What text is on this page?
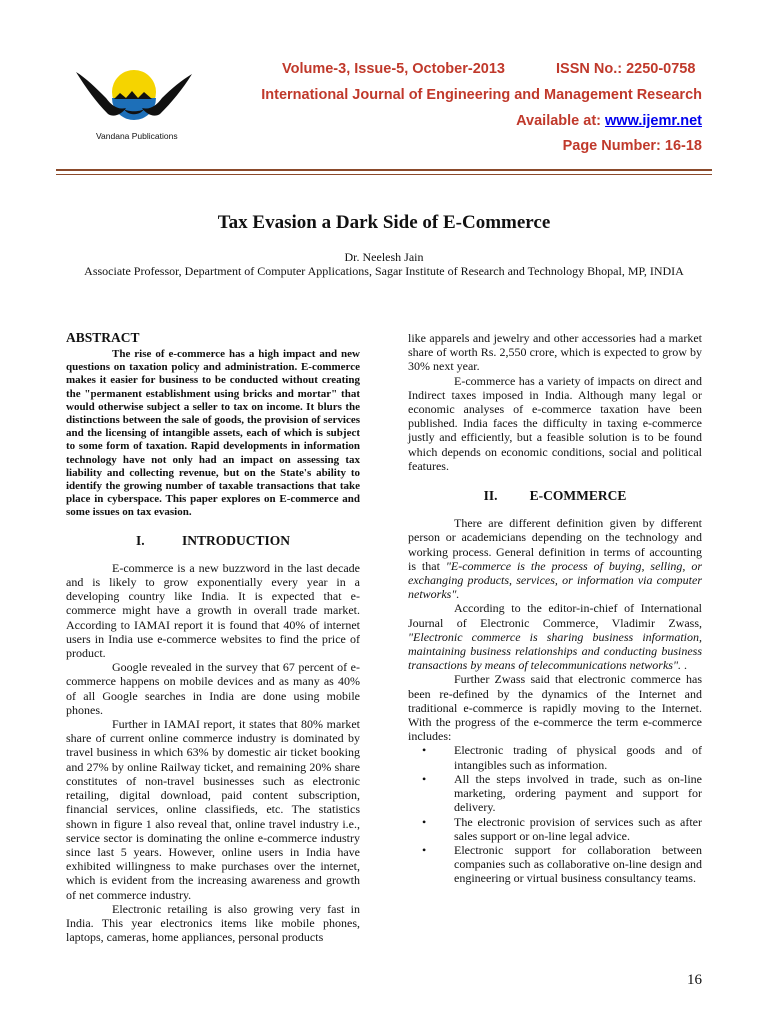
Vandana Publications
Volume-3, Issue-5, October-2013	ISSN No.: 2250-0758
International Journal of Engineering and Management Research
Available at: www.ijemr.net
Page Number: 16-18
Tax Evasion a Dark Side of E-Commerce
Dr. Neelesh Jain
Associate Professor, Department of Computer Applications, Sagar Institute of Research and Technology Bhopal, MP, INDIA
ABSTRACT

The rise of e-commerce has a high impact and new questions on taxation policy and administration. E-commerce makes it easier for business to be conducted without creating the "permanent establishment using bricks and mortar" that would otherwise subject a seller to tax on income. It blurs the distinctions between the sale of goods, the provision of services and the licensing of intangible assets, each of which is subject to some form of taxation. Rapid developments in information technology have not only had an impact on assessing tax liability and collecting revenue, but on the State's ability to identify the growing number of taxable transactions that take place in cyberspace. This paper explores on E-commerce and some issues on tax evasion.

I.	INTRODUCTION

E-commerce is a new buzzword in the last decade and is likely to grow exponentially every year in a developing country like India. It is expected that e-commerce might have a growth in overall trade market. According to IAMAI report it is found that 40% of internet users in India use e-commerce websites to find the price of product.

Google revealed in the survey that 67 percent of e-commerce happens on mobile devices and as many as 40% of all Google searches in India are done using mobile phones.

Further in IAMAI report, it states that 80% market share of current online commerce industry is dominated by travel business in which 63% by domestic air ticket booking and 27% by online Railway ticket, and remaining 20% share constitutes of non-travel businesses such as electronic retailing, digital download, paid content subscription, financial services, online classifieds, etc. The statistics shown in figure 1 also reveal that, online travel industry i.e., service sector is dominating the online e-commerce industry since last 5 years. However, online users in India have exhibited willingness to make purchases over the internet, which is evident from the increasing awareness and growth of net commerce industry.

Electronic retailing is also growing very fast in India. This year electronics items like mobile phones, laptops, cameras, home appliances, personal products

like apparels and jewelry and other accessories had a market share of worth Rs. 2,550 crore, which is expected to grow by 30% next year.

E-commerce has a variety of impacts on direct and Indirect taxes imposed in India. Although many legal or economic analyses of e-commerce taxation have been published. India faces the difficulty in taxing e-commerce justly and efficiently, but a feasible solution is to be found which depends on economic conditions, social and political features.

II. E-COMMERCE

There are different definition given by different person or academicians depending on the technology and working process. General definition in terms of accounting is that "E-commerce is the process of buying, selling, or exchanging products, services, or information via computer networks".

According to the editor-in-chief of International Journal of Electronic Commerce, Vladimir Zwass, "Electronic commerce is sharing business information, maintaining business relationships and conducting business transactions by means of telecommunications networks". .

Further Zwass said that electronic commerce has been re-defined by the dynamics of the Internet and traditional e-commerce is rapidly moving to the Internet. With the progress of the e-commerce the term e-commerce includes:

• Electronic trading of physical goods and of intangibles such as information.
• All the steps involved in trade, such as on-line marketing, ordering payment and support for delivery.
• The electronic provision of services such as after sales support or on-line legal advice.
• Electronic support for collaboration between companies such as collaborative on-line design and engineering or virtual business consultancy teams.
16
